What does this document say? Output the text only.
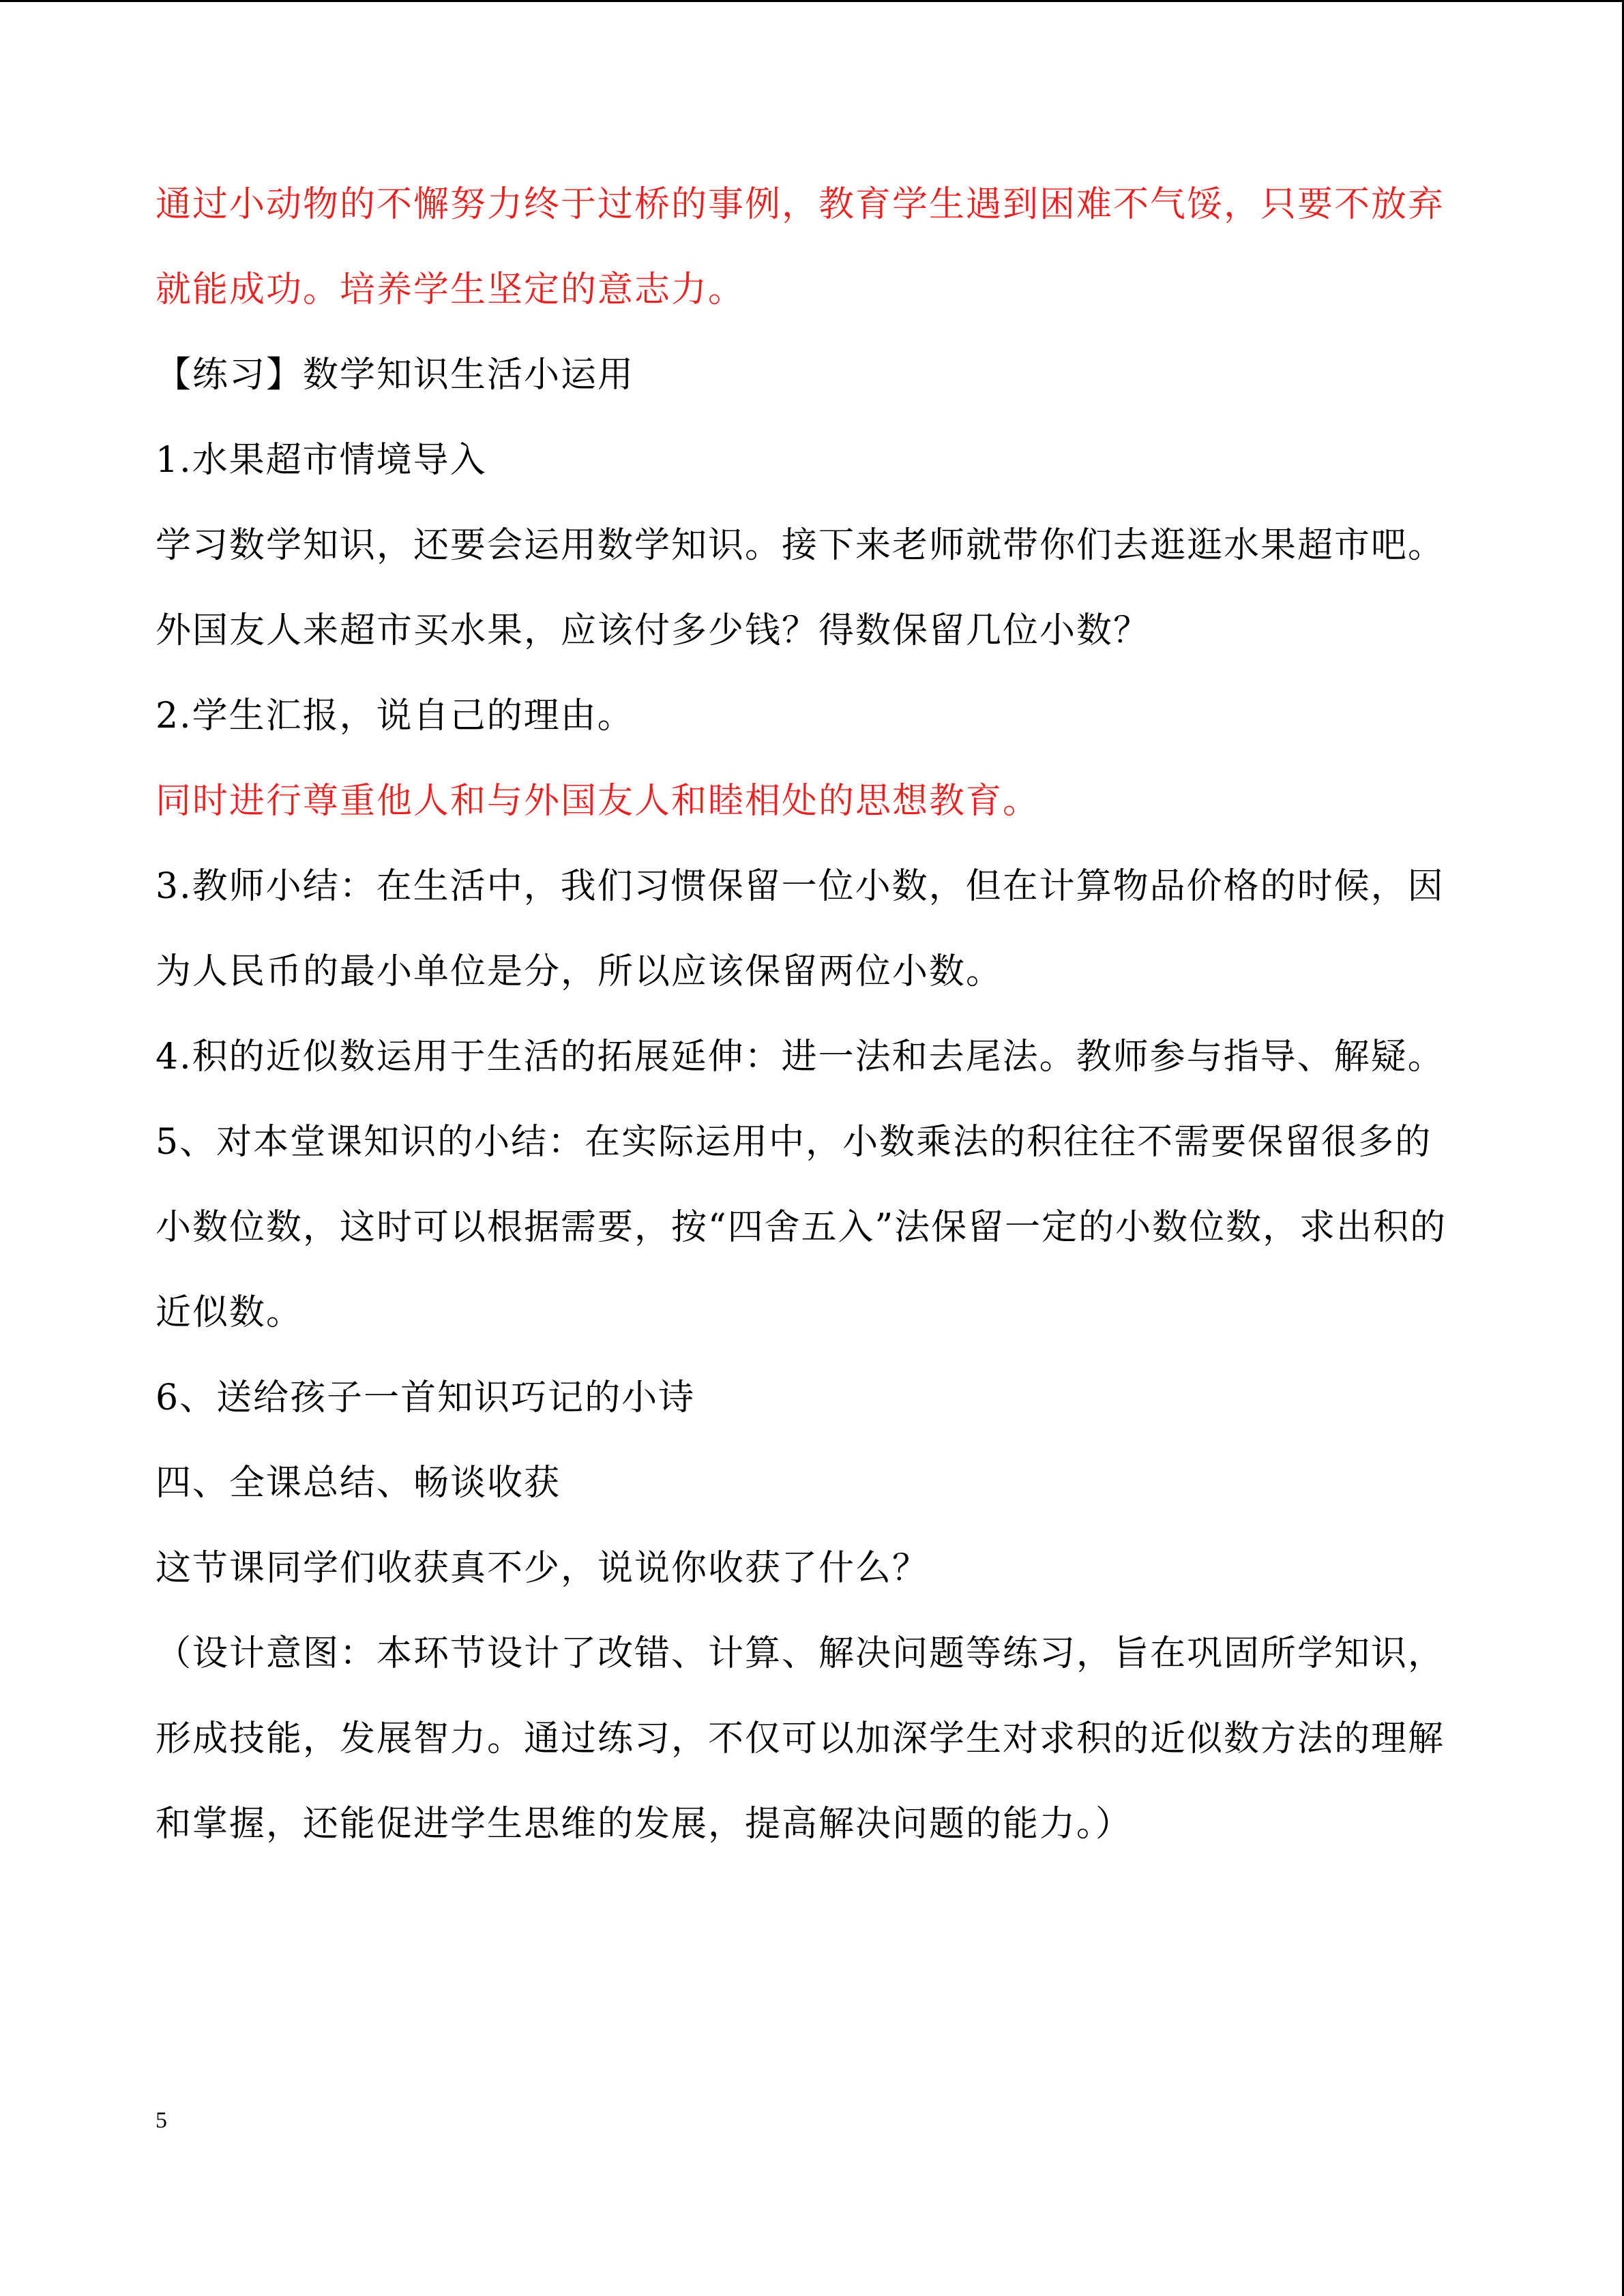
通过小动物的不懈努力终于过桥的事例，教育学生遇到困难不气馁，只要不放弃就能成功。培养学生坚定的意志力。

【练习】数学知识生活小运用

1.水果超市情境导入

学习数学知识，还要会运用数学知识。接下来老师就带你们去逛逛水果超市吧。

外国友人来超市买水果，应该付多少钱？得数保留几位小数？

2.学生汇报，说自己的理由。

同时进行尊重他人和与外国友人和睦相处的思想教育。

3.教师小结：在生活中，我们习惯保留一位小数，但在计算物品价格的时候，因为人民币的最小单位是分，所以应该保留两位小数。

4.积的近似数运用于生活的拓展延伸：进一法和去尾法。教师参与指导、解疑。

5、对本堂课知识的小结：在实际运用中，小数乘法的积往往不需要保留很多的小数位数，这时可以根据需要，按“四舍五入”法保留一定的小数位数，求出积的近似数。

6、送给孩子一首知识巧记的小诗

四、全课总结、畅谈收获

这节课同学们收获真不少，说说你收获了什么？

（设计意图：本环节设计了改错、计算、解决问题等练习，旨在巩固所学知识，形成技能，发展智力。通过练习，不仅可以加深学生对求积的近似数方法的理解和掌握，还能促进学生思维的发展，提高解决问题的能力。）

5
